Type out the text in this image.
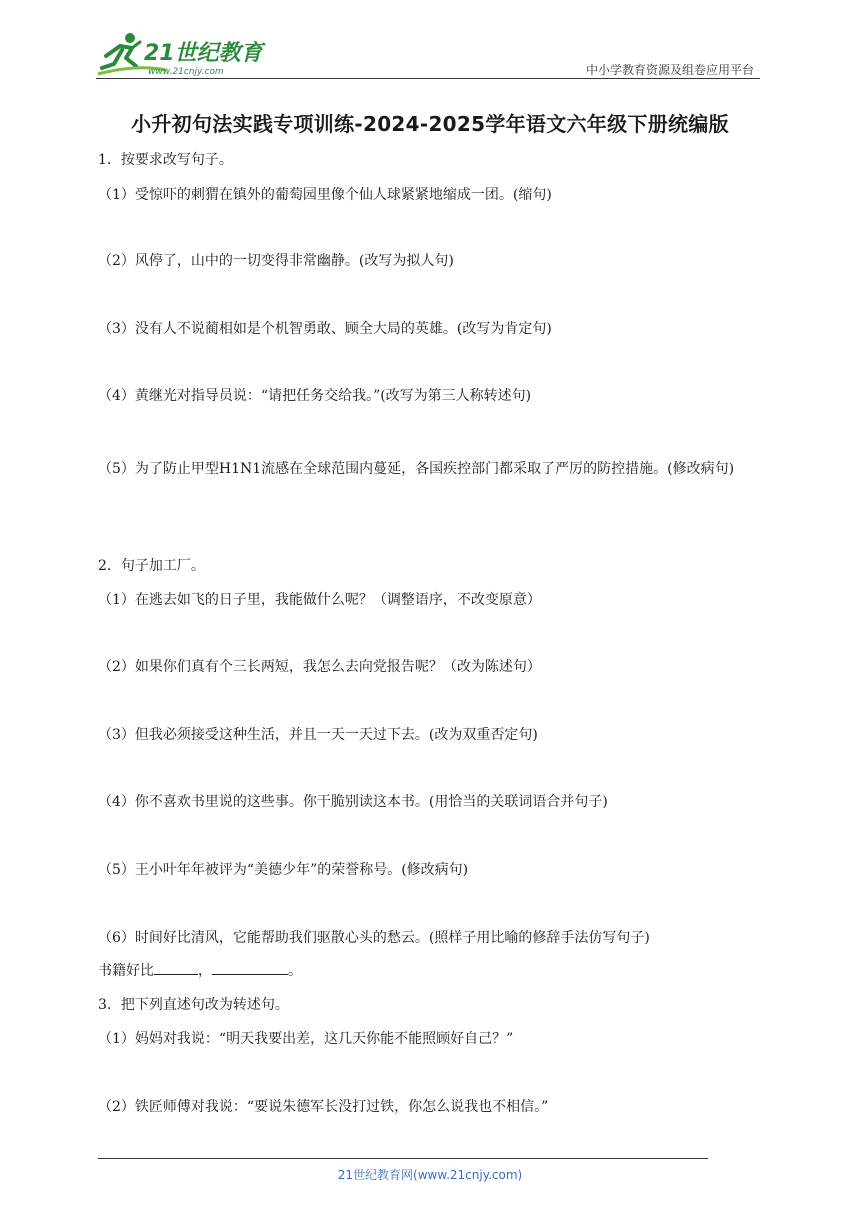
21世纪教育
www.21cnjy.com	中小学教育资源及组卷应用平台
小升初句法实践专项训练-2024-2025学年语文六年级下册统编版
1．按要求改写句子。
（1）受惊吓的刺猬在镇外的葡萄园里像个仙人球紧紧地缩成一团。(缩句)
（2）风停了，山中的一切变得非常幽静。(改写为拟人句)
（3）没有人不说蔺相如是个机智勇敢、顾全大局的英雄。(改写为肯定句)
（4）黄继光对指导员说：“请把任务交给我。”(改写为第三人称转述句)
（5）为了防止甲型H1N1流感在全球范围内蔓延，各国疾控部门都采取了严厉的防控措施。(修改病句)
2．句子加工厂。
（1）在逃去如飞的日子里，我能做什么呢？（调整语序，不改变原意）
（2）如果你们真有个三长两短，我怎么去向党报告呢？（改为陈述句）
（3）但我必须接受这种生活，并且一天一天过下去。(改为双重否定句)
（4）你不喜欢书里说的这些事。你干脆别读这本书。(用恰当的关联词语合并句子)
（5）王小叶年年被评为“美德少年”的荣誉称号。(修改病句)
（6）时间好比清风，它能帮助我们驱散心头的愁云。(照样子用比喻的修辞手法仿写句子)
书籍好比	，	。
3．把下列直述句改为转述句。
（1）妈妈对我说：“明天我要出差，这几天你能不能照顾好自己？”
（2）铁匠师傅对我说：“要说朱德军长没打过铁，你怎么说我也不相信。”
21世纪教育网(www.21cnjy.com)
